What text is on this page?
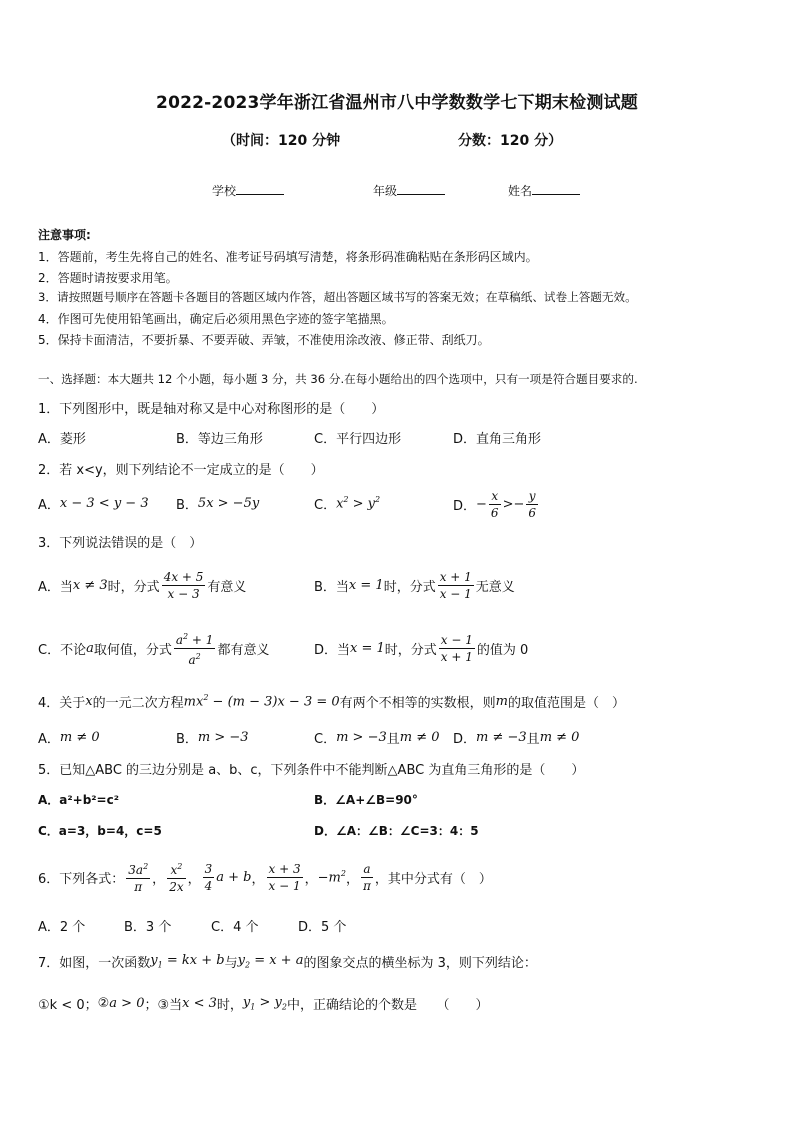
2022-2023学年浙江省温州市八中学数数学七下期末检测试题
（时间：120 分钟	分数：120 分）
学校	年级	姓名
注意事项:
1．答题前，考生先将自己的姓名、准考证号码填写清楚，将条形码准确粘贴在条形码区域内。
2．答题时请按要求用笔。
3．请按照题号顺序在答题卡各题目的答题区域内作答，超出答题区域书写的答案无效；在草稿纸、试卷上答题无效。
4．作图可先使用铅笔画出，确定后必须用黑色字迹的签字笔描黑。
5．保持卡面清洁，不要折暴、不要弄破、弄皱，不准使用涂改液、修正带、刮纸刀。
一、选择题：本大题共 12 个小题，每小题 3 分，共 36 分.在每小题给出的四个选项中，只有一项是符合题目要求的.
1．下列图形中，既是轴对称又是中心对称图形的是（　　）
A．菱形	B．等边三角形	C．平行四边形	D．直角三角形
2．若 x<y，则下列结论不一定成立的是（　　）
A． x − 3 < y − 3 B． 5x > −5y	C． $x^2 > y^2$	D． − $\frac{x}{6} >- \frac{y}{6}$
3．下列说法错误的是（　）
A．当 x ≠ 3 时，分式 $\frac{4x + 5}{x - 3}$ 有意义	B．当 x = 1 时，分式 $\frac{x + 1}{x - 1}$ 无意义
C．不论 a 取何值，分式 $\frac{a^2 + 1}{a^2}$ 都有意义	D．当 x = 1 时，分式 $\frac{x - 1}{x + 1}$ 的值为 0
4．关于 x 的一元二次方程 $mx^2 - (m - 3)x - 3 = 0$ 有两个不相等的实数根，则 m 的取值范围是（　）
A． m ≠ 0	B． m > −3	C． m > −3 且 m ≠ 0 D． m ≠ −3 且 m ≠ 0
5．已知△ABC 的三边分别是 a、b、c，下列条件中不能判断△ABC 为直角三角形的是（　　）
A．a²+b²=c²	B．∠A+∠B=90°
C．a=3，b=4，c=5	D．∠A：∠B：∠C=3：4：5
6．下列各式： $\frac{3a^2}{\pi}$ ， $\frac{x^2}{2x}$ ， $\frac{3}{4}$ a + b ， $\frac{x + 3}{x - 1}$ ， $-m^2$ ， $\frac{a}{\pi}$ ，其中分式有（　）
A．2 个	B．3 个	C．4 个	D．5 个
7．如图，一次函数 $y_1$ = kx + b 与 $y_2 = x + a$ 的图象交点的横坐标为 3，则下列结论：
①k < 0； ② a > 0 ； ③当 x < 3 时， $y_1 > y_2$ 中，正确结论的个数是　　（　　）
